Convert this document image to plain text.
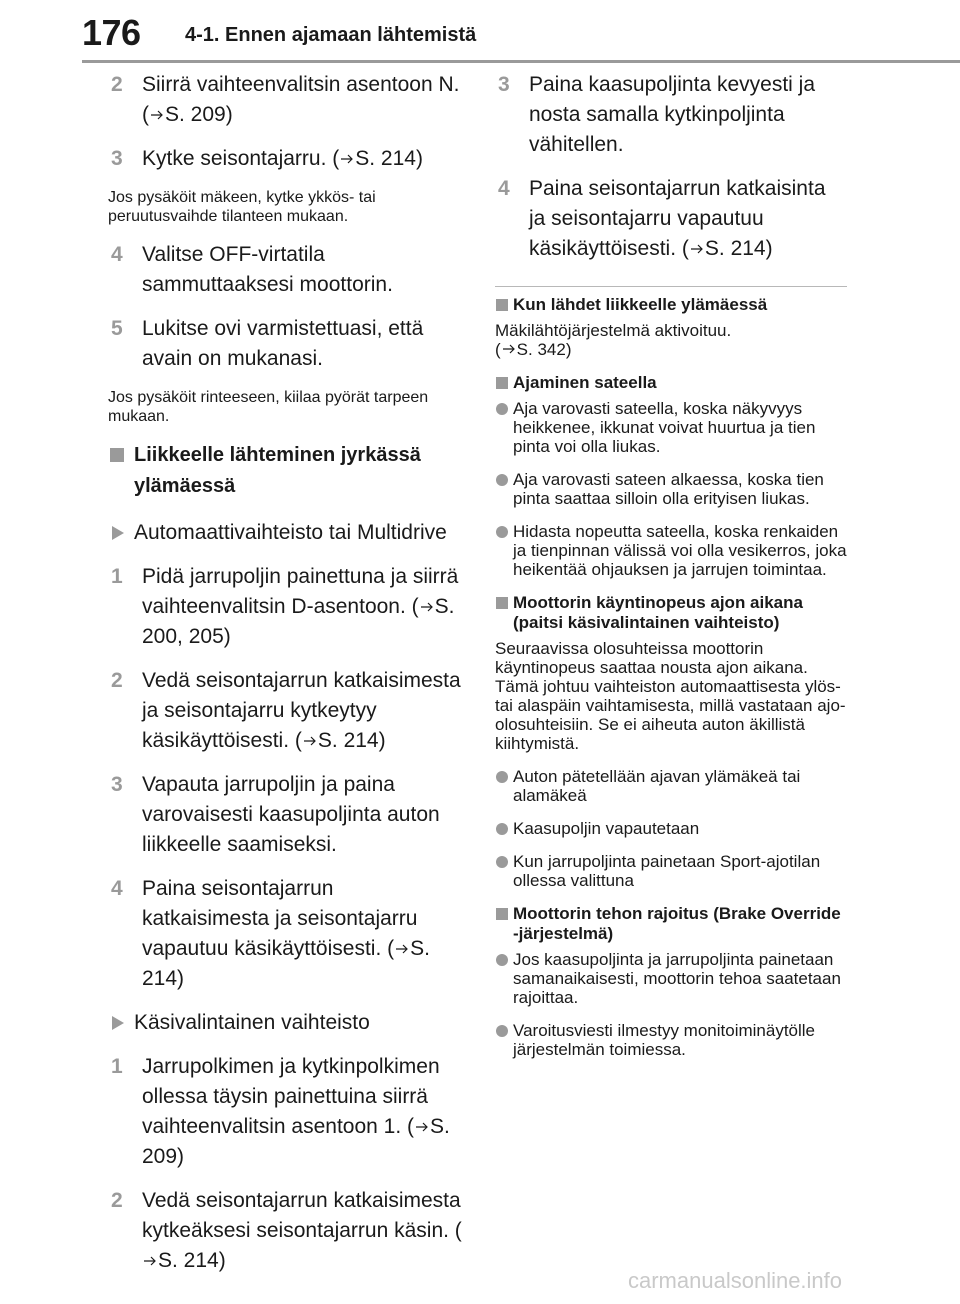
176 4-1. Ennen ajamaan lähtemistä
2 Siirrä vaihteenvalitsin asentoon N. ( S. 209)
3 Kytke seisontajarru. ( S. 214)

Jos pysäköit mäkeen, kytke ykkös- tai peruutusvaihde tilanteen mukaan.

4 Valitse OFF-virtatila sammuttaaksesi moottorin.
5 Lukitse ovi varmistettuasi, että avain on mukanasi.

Jos pysäköit rinteeseen, kiilaa pyörät tarpeen mukaan.

Liikkeelle lähteminen jyrkässä ylämäessä
Automaattivaihteisto tai Multidrive
1 Pidä jarrupoljin painettuna ja siirrä vaihteenvalitsin D-asentoon. ( S. 200, 205)
2 Vedä seisontajarrun katkaisimesta ja seisontajarru kytkeytyy käsikäyttöisesti. ( S. 214)
3 Vapauta jarrupoljin ja paina varovaisesti kaasupoljinta auton liikkeelle saamiseksi.
4 Paina seisontajarrun katkaisimesta ja seisontajarru vapautuu käsikäyttöisesti. ( S. 214)
Käsivalintainen vaihteisto
1 Jarrupolkimen ja kytkinpolkimen ollessa täysin painettuina siirrä vaihteenvalitsin asentoon 1. ( S. 209)
2 Vedä seisontajarrun katkaisimesta kytkeäksesi seisontajarrun käsin. (S. 214)
3 Paina kaasupoljinta kevyesti ja nosta samalla kytkinpoljinta vähitellen.
4 Paina seisontajarrun katkaisinta ja seisontajarru vapautuu käsikäyttöisesti. ( S. 214)
Kun lähdet liikkeelle ylämäessä

Mäkilähtöjärjestelmä aktivoituu.
( S. 342)

Ajaminen sateella
Aja varovasti sateella, koska näkyvyys heikkenee, ikkunat voivat huurtua ja tien pinta voi olla liukas.
Aja varovasti sateen alkaessa, koska tien pinta saattaa silloin olla erityisen liukas.
Hidasta nopeutta sateella, koska renkaiden ja tienpinnan välissä voi olla vesikerros, joka heikentää ohjauksen ja jarrujen toimintaa.
Moottorin käyntinopeus ajon aikana (paitsi käsivalintainen vaihteisto)

Seuraavissa olosuhteissa moottorin käyntinopeus saattaa nousta ajon aikana. Tämä johtuu vaihteiston automaattisesta ylös- tai alaspäin vaihtamisesta, millä vastataan ajo-olosuhteisiin. Se ei aiheuta auton äkillistä kiihtymistä.

Auton pätetellään ajavan ylämäkeä tai alamäkeä
Kaasupoljin vapautetaan
Kun jarrupoljinta painetaan Sport-ajotilan ollessa valittuna
Moottorin tehon rajoitus (Brake Override -järjestelmä)
Jos kaasupoljinta ja jarrupoljinta painetaan samanaikaisesti, moottorin tehoa saatetaan rajoittaa.
Varoitusviesti ilmestyy monitoiminäytölle järjestelmän toimiessa.
carmanualsonline.info
